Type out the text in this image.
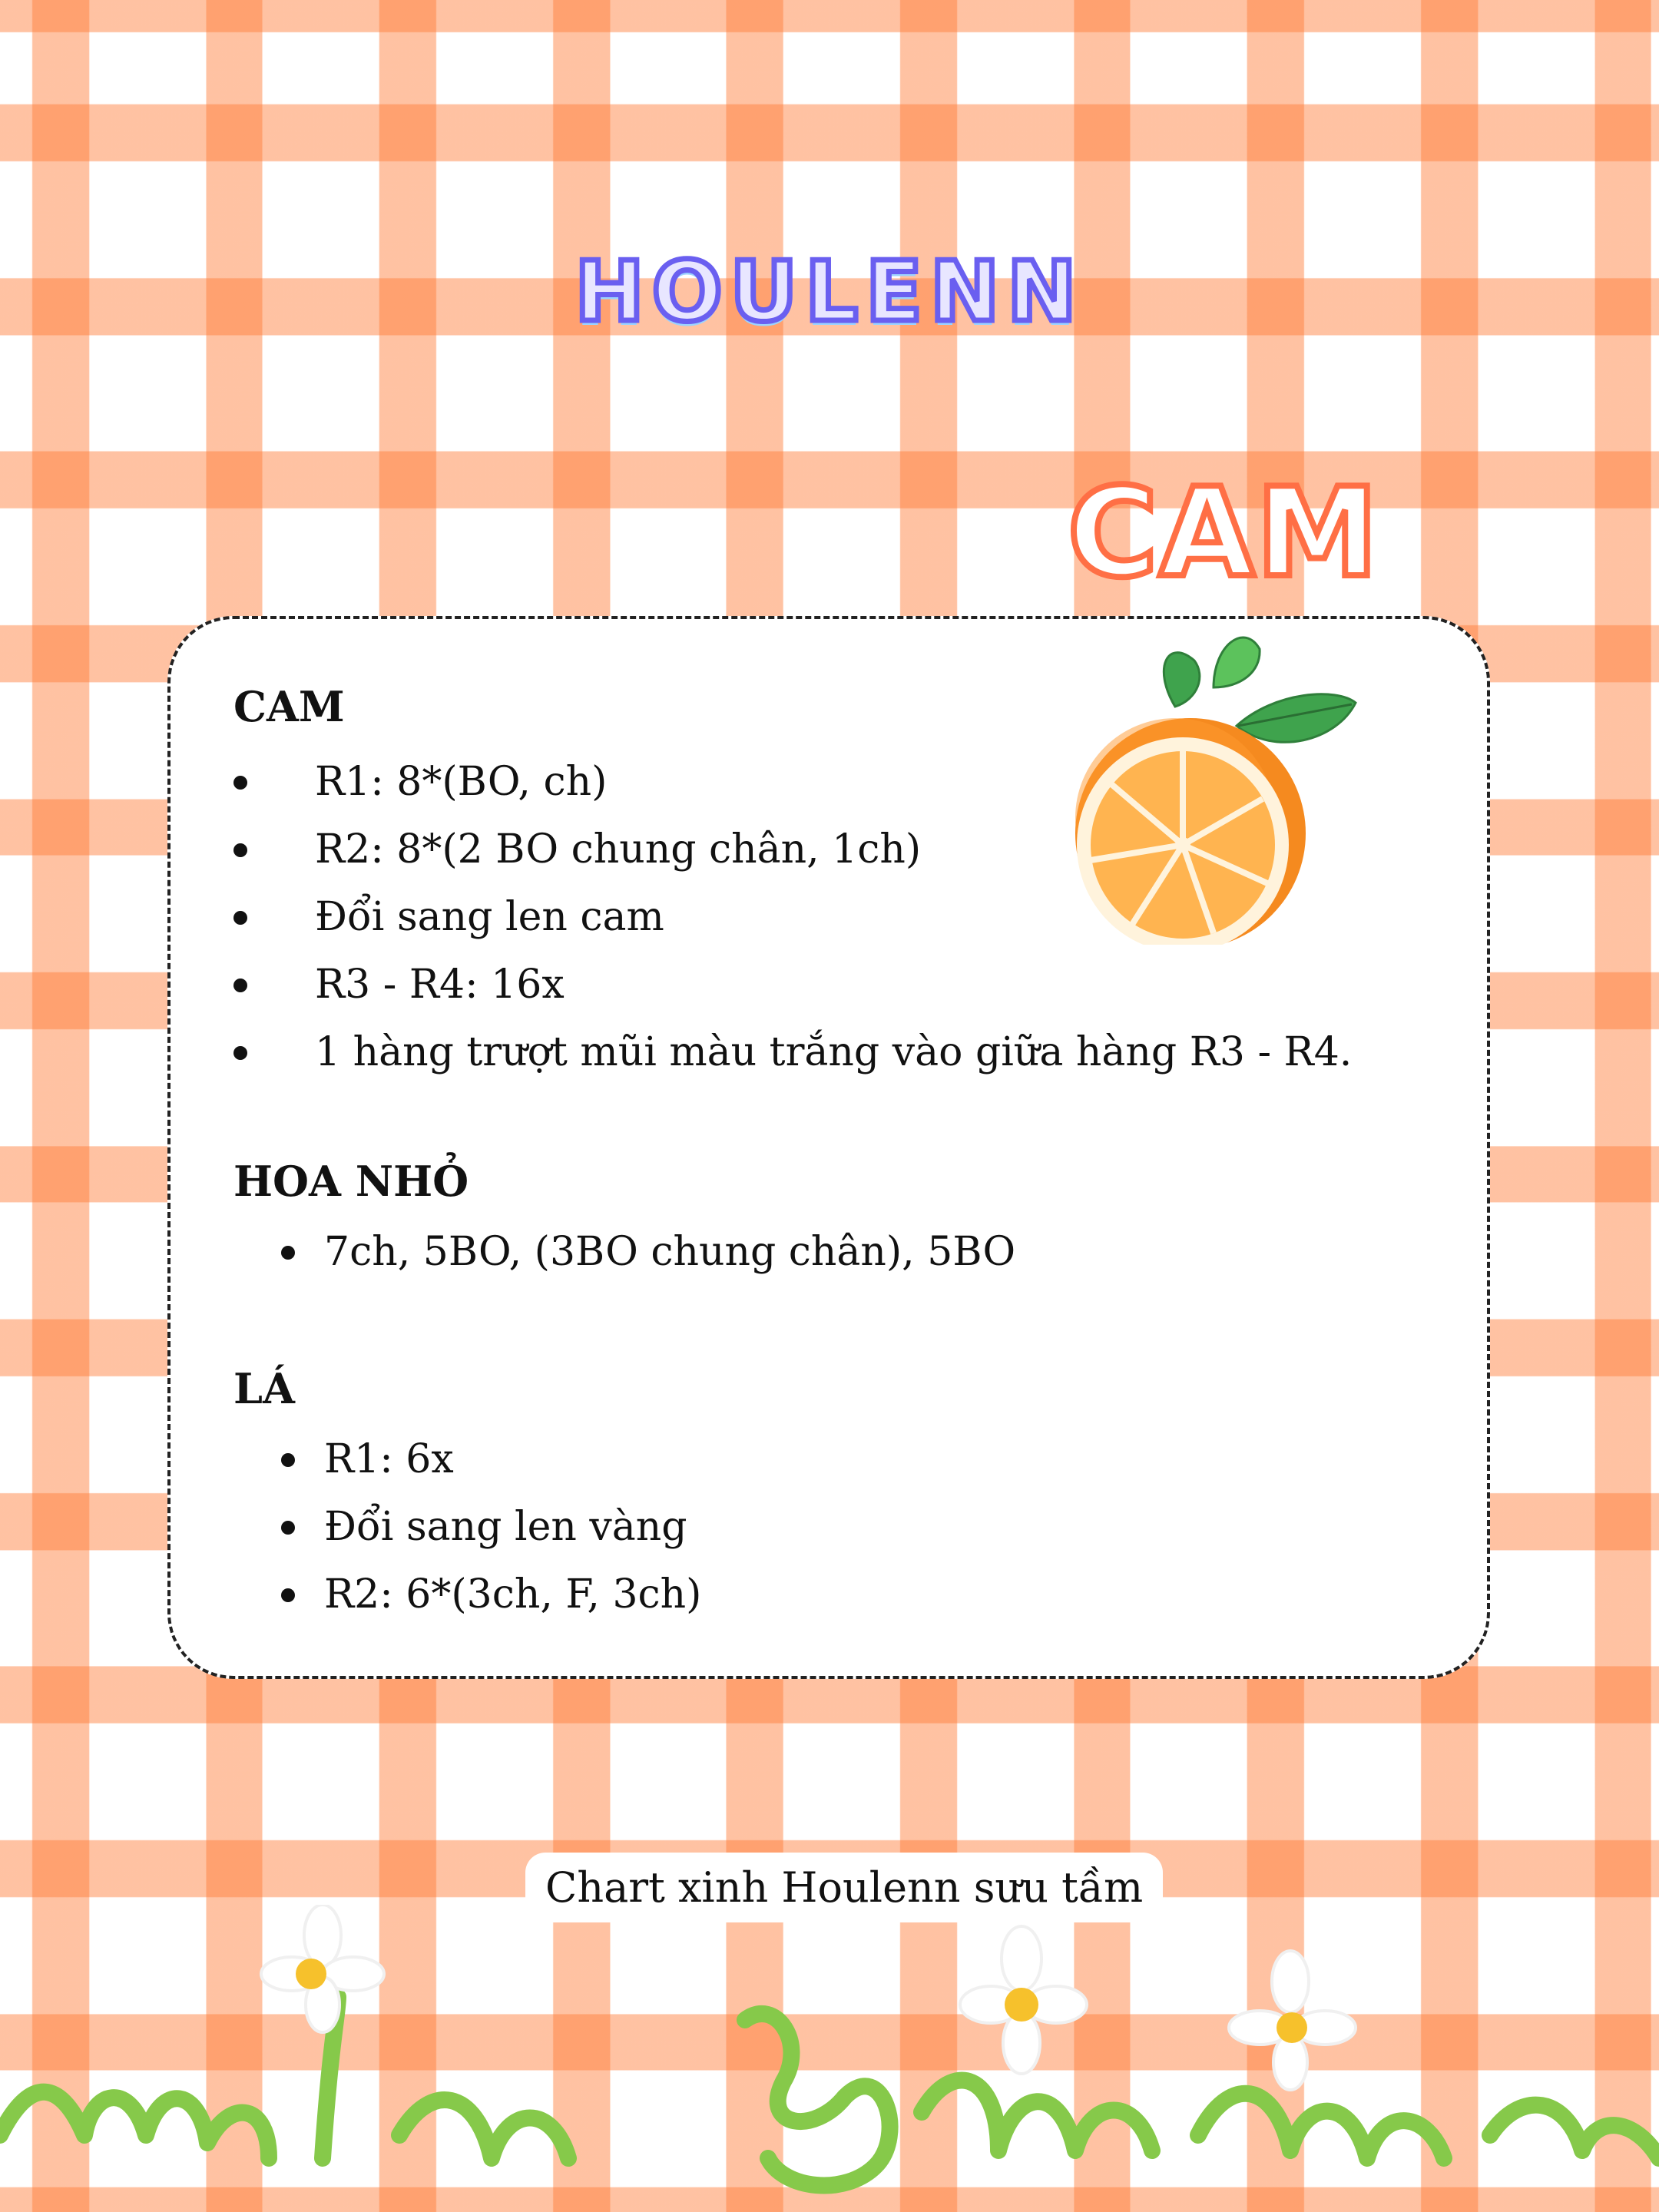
HOULENN
CAM
CAM
R1: 8*(BO, ch)
R2: 8*(2 BO chung chân, 1ch)
Đổi sang len cam
R3 - R4: 16x
1 hàng trượt mũi màu trắng vào giữa hàng R3 - R4.
HOA NHỎ
7ch, 5BO, (3BO chung chân), 5BO
LÁ
R1: 6x
Đổi sang len vàng
R2: 6*(3ch, F, 3ch)
Chart xinh Houlenn sưu tầm
